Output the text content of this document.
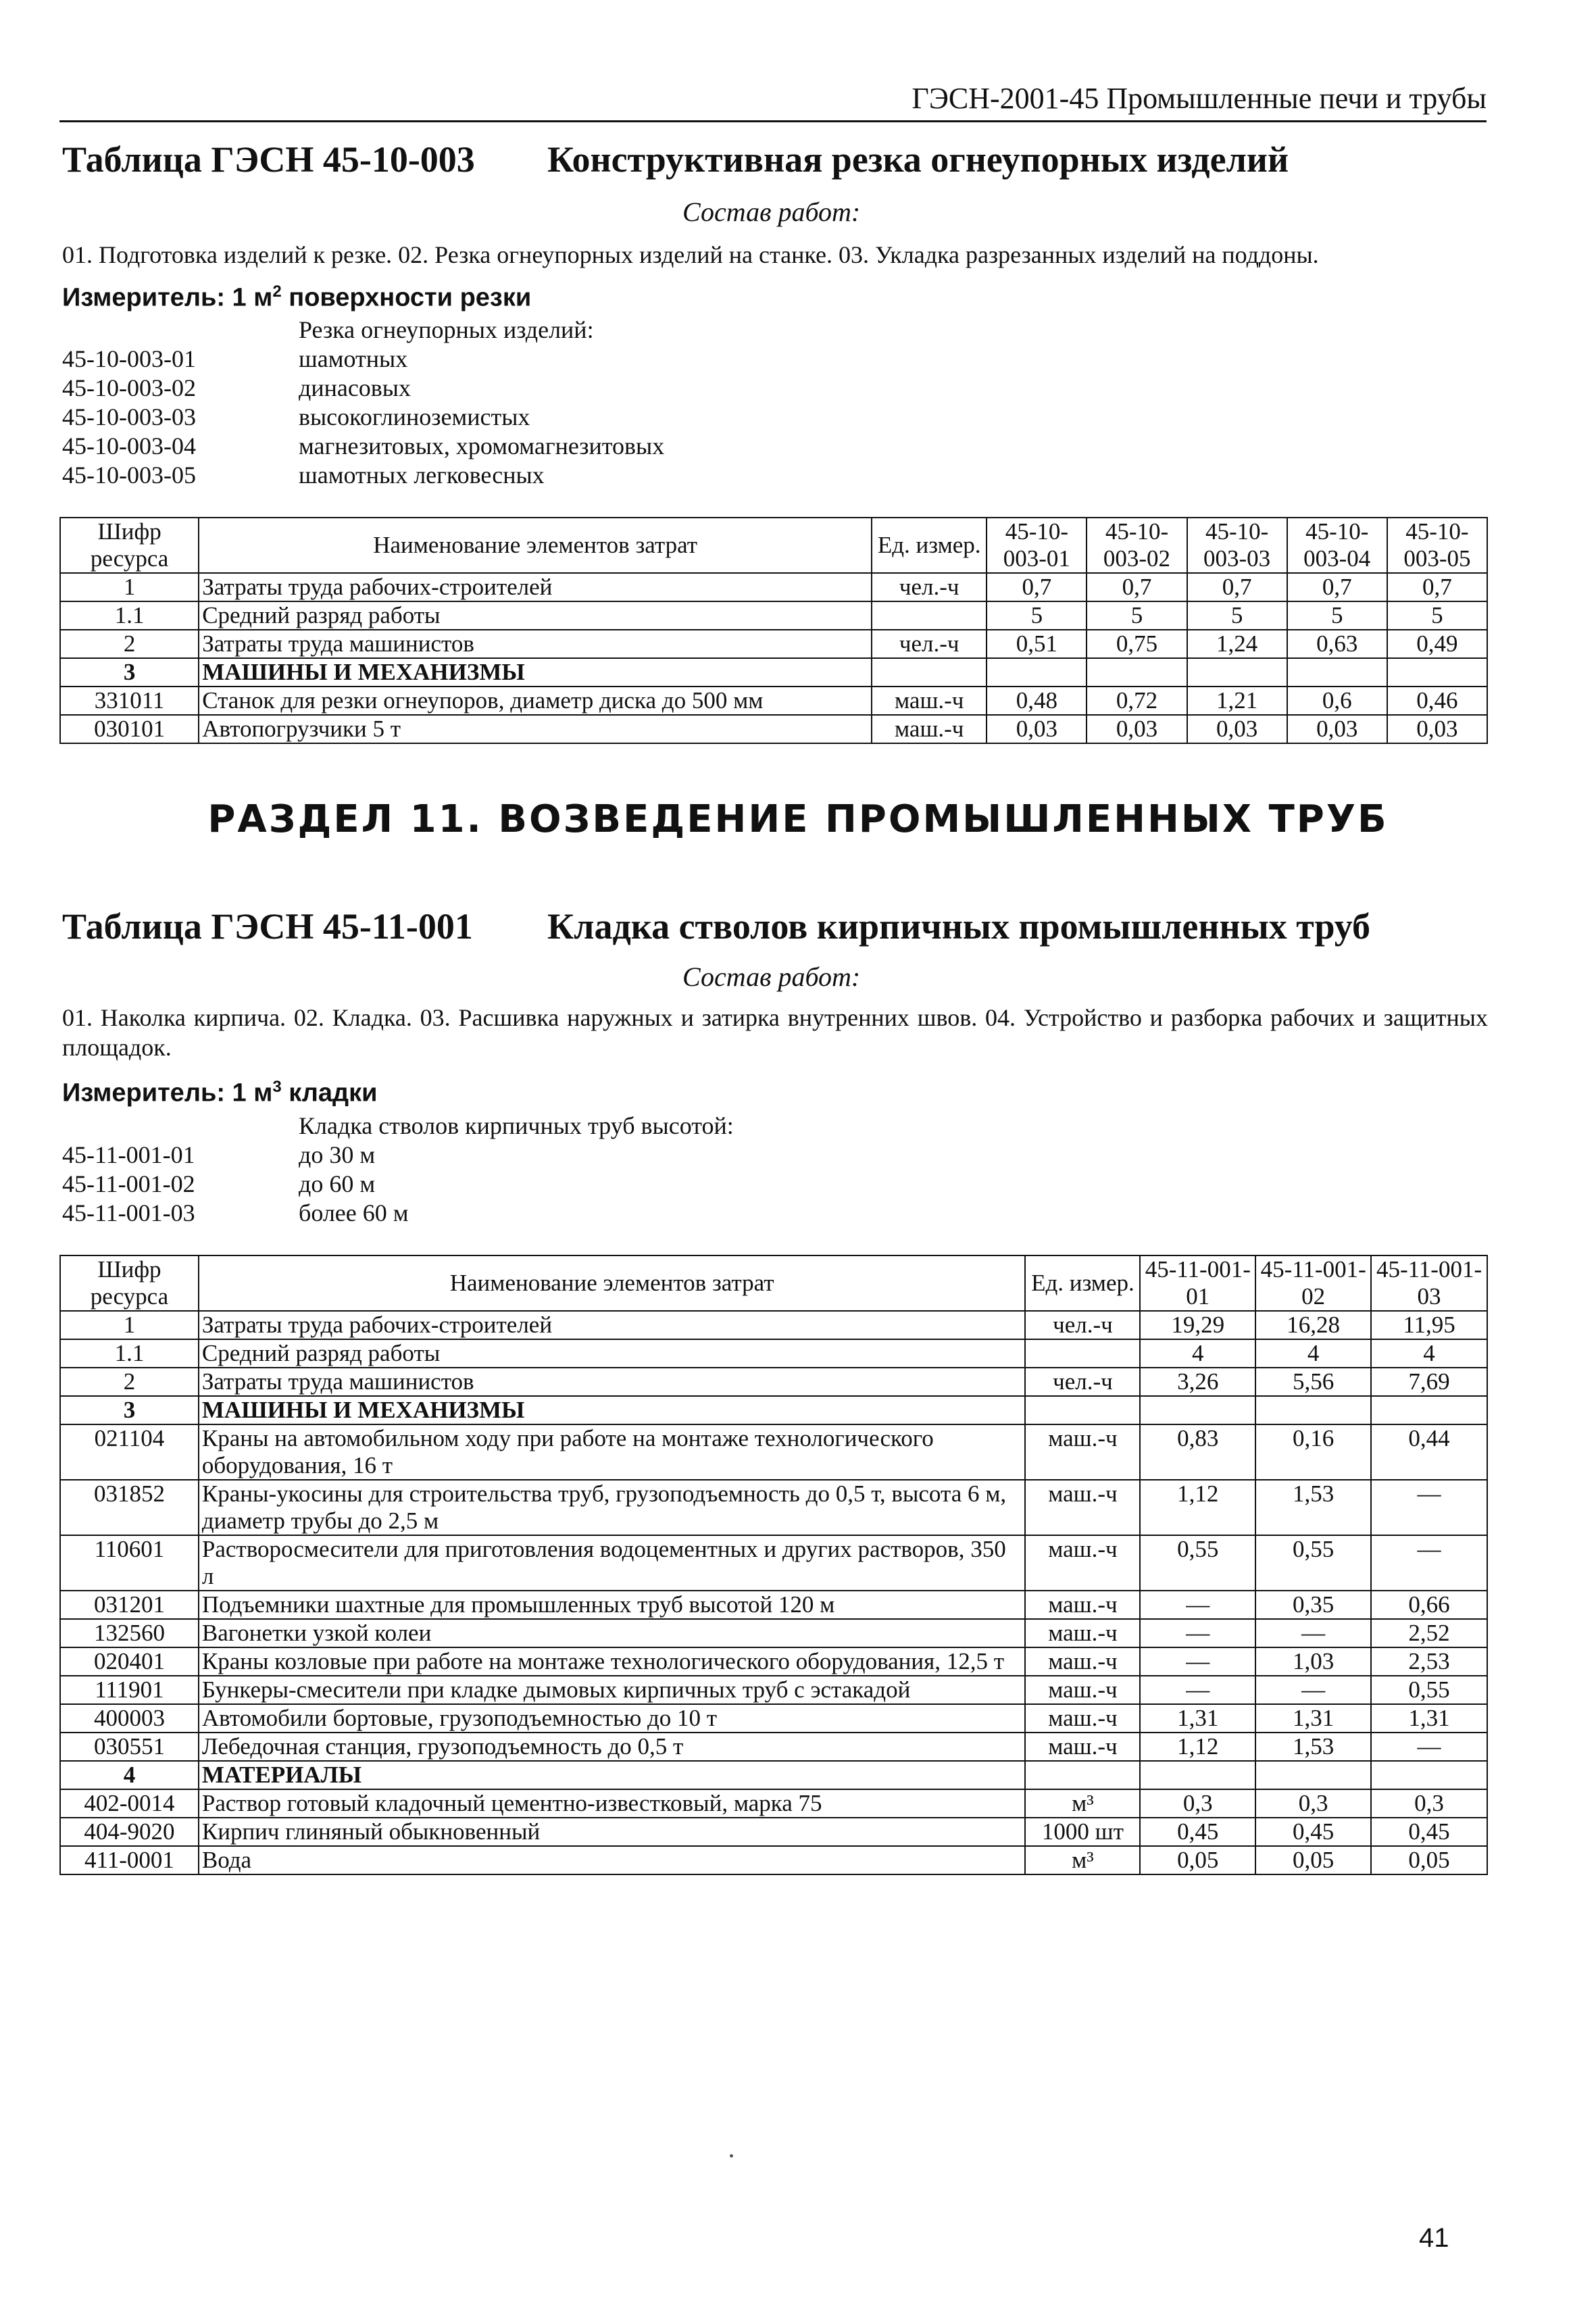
ГЭСН-2001-45 Промышленные печи и трубы
Таблица ГЭСН 45-10-003 Конструктивная резка огнеупорных изделий
Состав работ:
01. Подготовка изделий к резке. 02. Резка огнеупорных изделий на станке. 03. Укладка разрезанных изделий на поддоны.
Измеритель: 1 $м^2$ поверхности резки
Резка огнеупорных изделий:
45-10-003-01	шамотных
45-10-003-02	динасовых
45-10-003-03	высокоглиноземистых
45-10-003-04	магнезитовых, хромомагнезитовых
45-10-003-05	шамотных легковесных
Шифр ресурса	Наименование элементов затрат	Ед. измер.	45-10-003-01	45-10-003-02	45-10-003-03	45-10-003-04	45-10-003-05
1	Затраты труда рабочих-строителей	чел.-ч	0,7	0,7	0,7	0,7	0,7
1.1	Средний разряд работы		5	5	5	5	5
2	Затраты труда машинистов	чел.-ч	0,51	0,75	1,24	0,63	0,49
3	МАШИНЫ И МЕХАНИЗМЫ						
331011	Станок для резки огнеупоров, диаметр диска до 500 мм	маш.-ч	0,48	0,72	1,21	0,6	0,46
030101	Автопогрузчики 5 т	маш.-ч	0,03	0,03	0,03	0,03	0,03
РАЗДЕЛ 11. ВОЗВЕДЕНИЕ ПРОМЫШЛЕННЫХ ТРУБ
Таблица ГЭСН 45-11-001 Кладка стволов кирпичных промышленных труб
Состав работ:
01. Наколка кирпича. 02. Кладка. 03. Расшивка наружных и затирка внутренних швов. 04. Устройство и разборка рабочих и защитных площадок.
Измеритель: 1 $м^3$ кладки
Кладка стволов кирпичных труб высотой:
45-11-001-01	до 30 м
45-11-001-02	до 60 м
45-11-001-03	более 60 м
Шифр ресурса	Наименование элементов затрат	Ед. измер.	45-11-001-01	45-11-001-02	45-11-001-03
1	Затраты труда рабочих-строителей	чел.-ч	19,29	16,28	11,95
1.1	Средний разряд работы		4	4	4
2	Затраты труда машинистов	чел.-ч	3,26	5,56	7,69
3	МАШИНЫ И МЕХАНИЗМЫ				
021104	Краны на автомобильном ходу при работе на монтаже технологического оборудования, 16 т	маш.-ч	0,83	0,16	0,44
031852	Краны-укосины для строительства труб, грузоподъемность до 0,5 т, высота 6 м, диаметр трубы до 2,5 м	маш.-ч	1,12	1,53	—
110601	Растворосмесители для приготовления водоцементных и других растворов, 350 л	маш.-ч	0,55	0,55	—
031201	Подъемники шахтные для промышленных труб высотой 120 м	маш.-ч	—	0,35	0,66
132560	Вагонетки узкой колеи	маш.-ч	—	—	2,52
020401	Краны козловые при работе на монтаже технологического оборудования, 12,5 т	маш.-ч	—	1,03	2,53
111901	Бункеры-смесители при кладке дымовых кирпичных труб с эстакадой	маш.-ч	—	—	0,55
400003	Автомобили бортовые, грузоподъемностью до 10 т	маш.-ч	1,31	1,31	1,31
030551	Лебедочная станция, грузоподъемность до 0,5 т	маш.-ч	1,12	1,53	—
4	МАТЕРИАЛЫ				
402-0014	Раствор готовый кладочный цементно-известковый, марка 75	м³	0,3	0,3	0,3
404-9020	Кирпич глиняный обыкновенный	1000 шт	0,45	0,45	0,45
411-0001	Вода	м³	0,05	0,05	0,05
41
